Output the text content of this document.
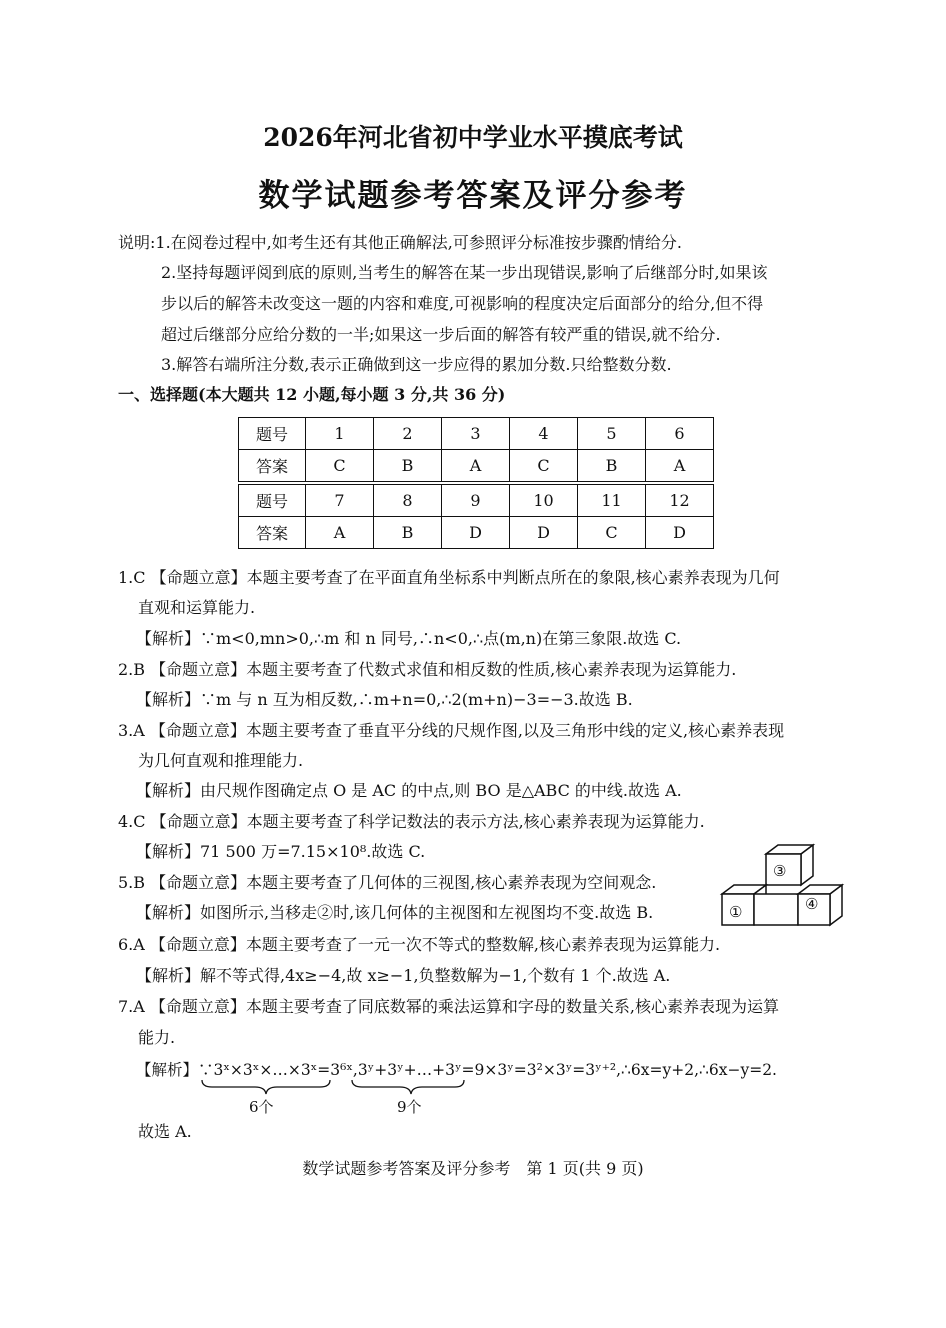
2026年河北省初中学业水平摸底考试
数学试题参考答案及评分参考
说明:1.在阅卷过程中,如考生还有其他正确解法,可参照评分标准按步骤酌情给分.
2.坚持每题评阅到底的原则,当考生的解答在某一步出现错误,影响了后继部分时,如果该
步以后的解答未改变这一题的内容和难度,可视影响的程度决定后面部分的给分,但不得
超过后继部分应给分数的一半;如果这一步后面的解答有较严重的错误,就不给分.
3.解答右端所注分数,表示正确做到这一步应得的累加分数.只给整数分数.
一、选择题(本大题共 12 小题,每小题 3 分,共 36 分)
题号	1	2	3	4	5	6
答案	C	B	A	C	B	A
题号	7	8	9	10	11	12
答案	A	B	D	D	C	D
1.C 【命题立意】本题主要考查了在平面直角坐标系中判断点所在的象限,核心素养表现为几何
直观和运算能力.
【解析】∵m<0,mn>0,∴m 和 n 同号,∴n<0,∴点(m,n)在第三象限.故选 C.
2.B 【命题立意】本题主要考查了代数式求值和相反数的性质,核心素养表现为运算能力.
【解析】∵m 与 n 互为相反数,∴m+n=0,∴2(m+n)−3=−3.故选 B.
3.A 【命题立意】本题主要考查了垂直平分线的尺规作图,以及三角形中线的定义,核心素养表现
为几何直观和推理能力.
【解析】由尺规作图确定点 O 是 AC 的中点,则 BO 是△ABC 的中线.故选 A.
4.C 【命题立意】本题主要考查了科学记数法的表示方法,核心素养表现为运算能力.
【解析】71 500 万=7.15×10⁸.故选 C.
5.B 【命题立意】本题主要考查了几何体的三视图,核心素养表现为空间观念.
【解析】如图所示,当移走②时,该几何体的主视图和左视图均不变.故选 B.
6.A 【命题立意】本题主要考查了一元一次不等式的整数解,核心素养表现为运算能力.
【解析】解不等式得,4x≥−4,故 x≥−1,负整数解为−1,个数有 1 个.故选 A.
7.A 【命题立意】本题主要考查了同底数幂的乘法运算和字母的数量关系,核心素养表现为运算
能力.
【解析】∵3ˣ×3ˣ×…×3ˣ=3⁶ˣ,3ʸ+3ʸ+…+3ʸ=9×3ʸ=3²×3ʸ=3ʸ⁺²,∴6x=y+2,∴6x−y=2.
6个	9个
故选 A.
③
①	④
数学试题参考答案及评分参考　第 1 页(共 9 页)
